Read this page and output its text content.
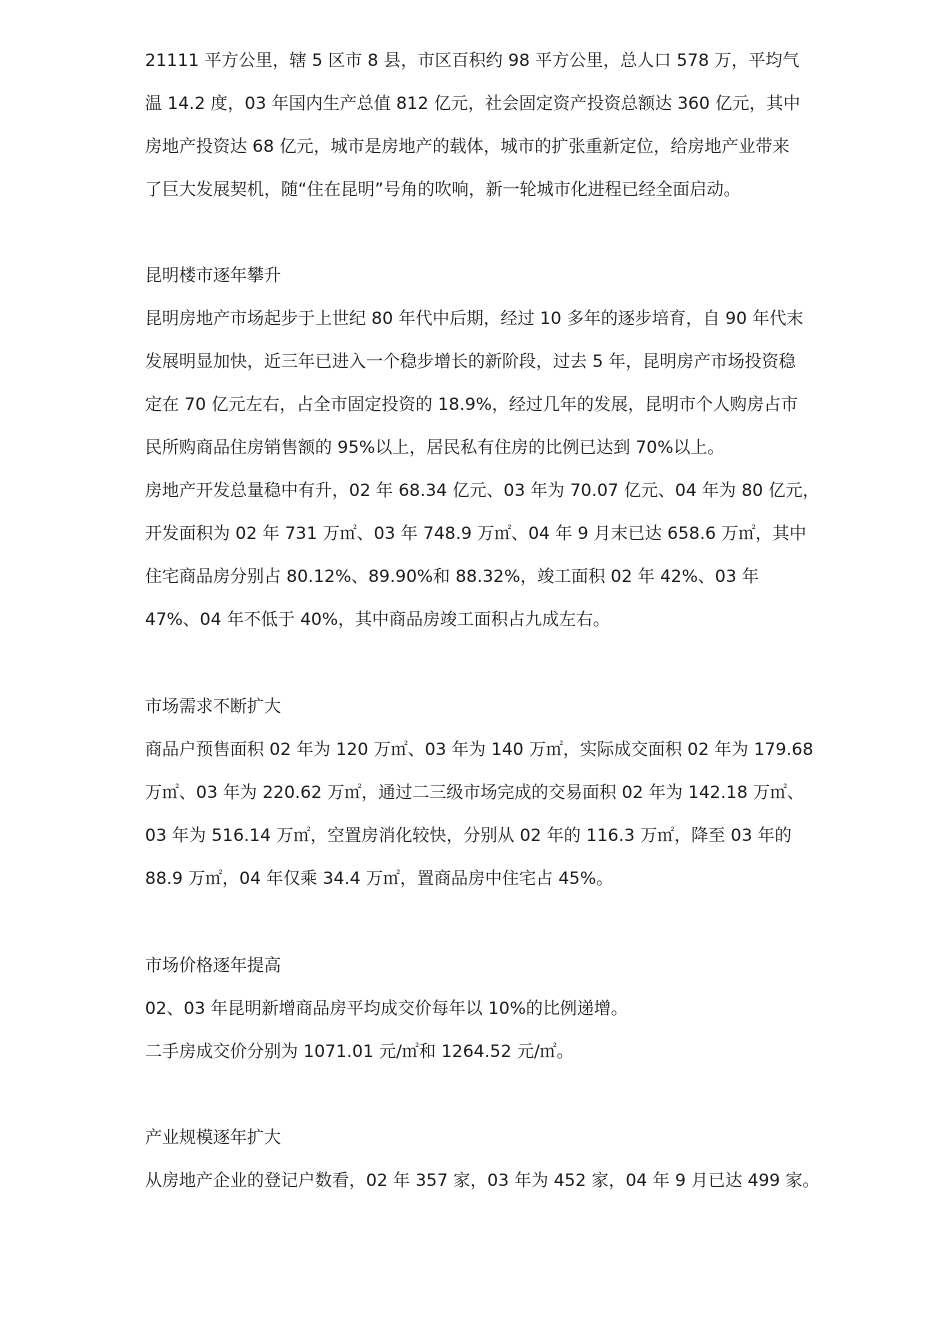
21111 平方公里，辖 5 区市 8 县，市区百积约 98 平方公里，总人口 578 万，平均气
温 14.2 度，03 年国内生产总值 812 亿元，社会固定资产投资总额达 360 亿元，其中
房地产投资达 68 亿元，城市是房地产的载体，城市的扩张重新定位，给房地产业带来
了巨大发展契机，随“住在昆明”号角的吹响，新一轮城市化进程已经全面启动。
昆明楼市逐年攀升
昆明房地产市场起步于上世纪 80 年代中后期，经过 10 多年的逐步培育，自 90 年代末
发展明显加快，近三年已进入一个稳步增长的新阶段，过去 5 年，昆明房产市场投资稳
定在 70 亿元左右，占全市固定投资的 18.9%，经过几年的发展，昆明市个人购房占市
民所购商品住房销售额的 95%以上，居民私有住房的比例已达到 70%以上。
房地产开发总量稳中有升，02 年 68.34 亿元、03 年为 70.07 亿元、04 年为 80 亿元，
开发面积为 02 年 731 万㎡、03 年 748.9 万㎡、04 年 9 月末已达 658.6 万㎡，其中
住宅商品房分别占 80.12%、89.90%和 88.32%，竣工面积 02 年 42%、03 年
47%、04 年不低于 40%，其中商品房竣工面积占九成左右。
市场需求不断扩大
商品户预售面积 02 年为 120 万㎡、03 年为 140 万㎡，实际成交面积 02 年为 179.68
万㎡、03 年为 220.62 万㎡，通过二三级市场完成的交易面积 02 年为 142.18 万㎡、
03 年为 516.14 万㎡，空置房消化较快，分别从 02 年的 116.3 万㎡，降至 03 年的
88.9 万㎡，04 年仅乘 34.4 万㎡，置商品房中住宅占 45%。
市场价格逐年提高
02、03 年昆明新增商品房平均成交价每年以 10%的比例递增。
二手房成交价分别为 1071.01 元/㎡和 1264.52 元/㎡。
产业规模逐年扩大
从房地产企业的登记户数看，02 年 357 家，03 年为 452 家，04 年 9 月已达 499 家。
